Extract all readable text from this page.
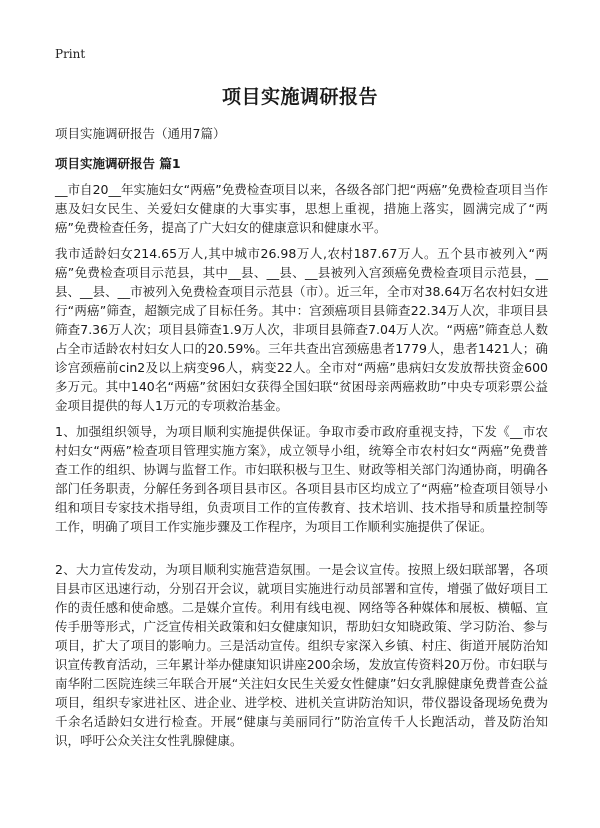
Print
项目实施调研报告
项目实施调研报告（通用7篇）
项目实施调研报告 篇1

__市自20__年实施妇女“两癌”免费检查项目以来，各级各部门把“两癌”免费检查项目当作惠及妇女民生、关爱妇女健康的大事实事，思想上重视，措施上落实，圆满完成了“两癌”免费检查任务，提高了广大妇女的健康意识和健康水平。

我市适龄妇女214.65万人,其中城市26.98万人,农村187.67万人。五个县市被列入“两癌”免费检查项目示范县，其中__县、__县、__县被列入宫颈癌免费检查项目示范县，__县、__县、__市被列入免费检查项目示范县（市）。近三年，全市对38.64万名农村妇女进行“两癌”筛查，超额完成了目标任务。其中：宫颈癌项目县筛查22.34万人次，非项目县筛查7.36万人次；项目县筛查1.9万人次，非项目县筛查7.04万人次。“两癌”筛查总人数占全市适龄农村妇女人口的20.59%。三年共查出宫颈癌患者1779人，患者1421人；确诊宫颈癌前cin2及以上病变96人，病变22人。全市对“两癌”患病妇女发放帮扶资金600多万元。其中140名“两癌”贫困妇女获得全国妇联“贫困母亲两癌救助”中央专项彩票公益金项目提供的每人1万元的专项救治基金。

1、加强组织领导，为项目顺利实施提供保证。争取市委市政府重视支持，下发《__市农村妇女“两癌”检查项目管理实施方案》，成立领导小组，统筹全市农村妇女“两癌”免费普查工作的组织、协调与监督工作。市妇联积极与卫生、财政等相关部门沟通协商，明确各部门任务职责，分解任务到各项目县市区。各项目县市区均成立了“两癌”检查项目领导小组和项目专家技术指导组，负责项目工作的宣传教育、技术培训、技术指导和质量控制等工作，明确了项目工作实施步骤及工作程序，为项目工作顺利实施提供了保证。

2、大力宣传发动，为项目顺利实施营造氛围。一是会议宣传。按照上级妇联部署，各项目县市区迅速行动，分别召开会议，就项目实施进行动员部署和宣传，增强了做好项目工作的责任感和使命感。二是媒介宣传。利用有线电视、网络等各种媒体和展板、横幅、宣传手册等形式，广泛宣传相关政策和妇女健康知识，帮助妇女知晓政策、学习防治、参与项目，扩大了项目的影响力。三是活动宣传。组织专家深入乡镇、村庄、街道开展防治知识宣传教育活动，三年累计举办健康知识讲座200余场，发放宣传资料20万份。市妇联与南华附二医院连续三年联合开展“关注妇女民生关爱女性健康”妇女乳腺健康免费普查公益项目，组织专家进社区、进企业、进学校、进机关宣讲防治知识，带仪器设备现场免费为千余名适龄妇女进行检查。开展“健康与美丽同行”防治宣传千人长跑活动，普及防治知识，呼吁公众关注女性乳腺健康。
